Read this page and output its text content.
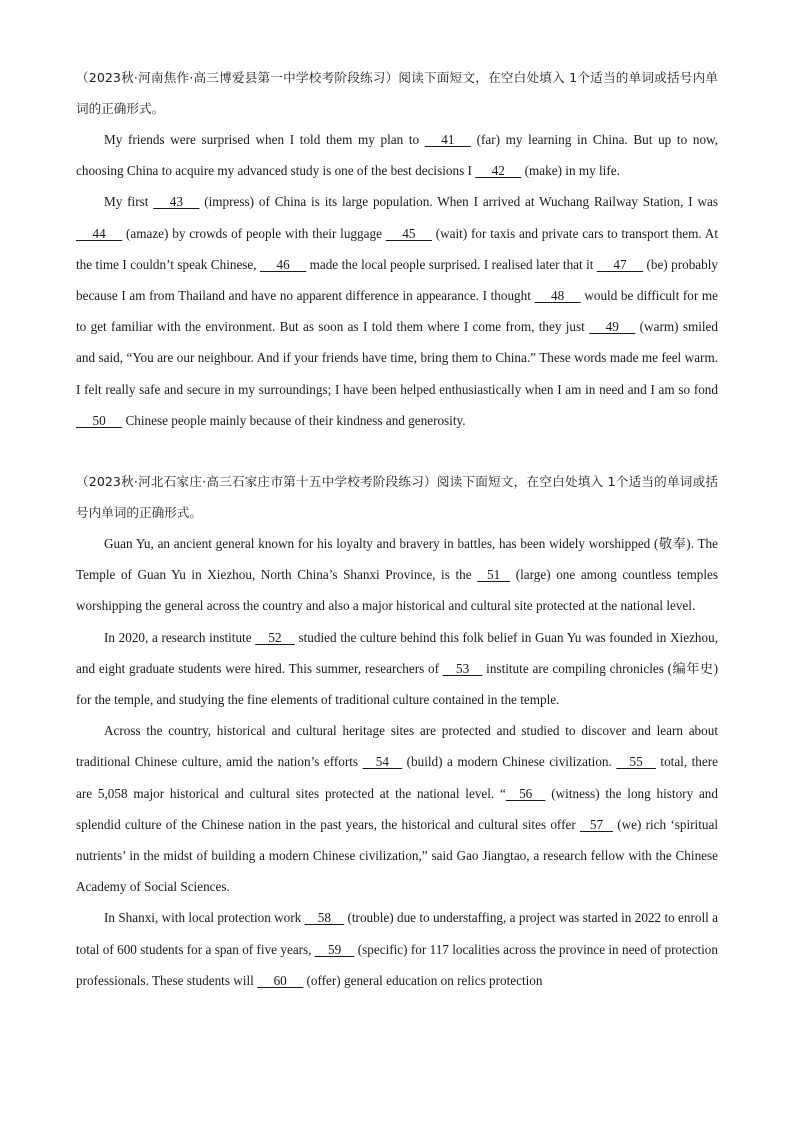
（2023秋·河南焦作·高三博爱县第一中学校考阶段练习）阅读下面短文，在空白处填入 1个适当的单词或括号内单词的正确形式。

My friends were surprised when I told them my plan to      41      (far) my learning in China. But up to now, choosing China to acquire my advanced study is one of the best decisions I      42      (make) in my life.

My first      43      (impress) of China is its large population. When I arrived at Wuchang Railway Station, I was      44      (amaze) by crowds of people with their luggage      45      (wait) for taxis and private cars to transport them. At the time I couldn’t speak Chinese,      46      made the local people surprised. I realised later that it      47      (be) probably because I am from Thailand and have no apparent difference in appearance. I thought      48      would be difficult for me to get familiar with the environment. But as soon as I told them where I come from, they just      49      (warm) smiled and said, “You are our neighbour. And if your friends have time, bring them to China.” These words made me feel warm. I felt really safe and secure in my surroundings; I have been helped enthusiastically when I am in need and I am so fond      50      Chinese people mainly because of their kindness and generosity.

（2023秋·河北石家庄·高三石家庄市第十五中学校考阶段练习）阅读下面短文，在空白处填入 1个适当的单词或括号内单词的正确形式。

Guan Yu, an ancient general known for his loyalty and bravery in battles, has been widely worshipped (敬奉). The Temple of Guan Yu in Xiezhou, North China’s Shanxi Province, is the    51    (large) one among countless temples worshipping the general across the country and also a major historical and cultural site protected at the national level.

In 2020, a research institute     52     studied the culture behind this folk belief in Guan Yu was founded in Xiezhou, and eight graduate students were hired. This summer, researchers of     53     institute are compiling chronicles (编年史) for the temple, and studying the fine elements of traditional culture contained in the temple.

Across the country, historical and cultural heritage sites are protected and studied to discover and learn about traditional Chinese culture, amid the nation’s efforts     54     (build) a modern Chinese civilization.     55     total, there are 5,058 major historical and cultural sites protected at the national level. “    56     (witness) the long history and splendid culture of the Chinese nation in the past years, the historical and cultural sites offer    57    (we) rich ‘spiritual nutrients’ in the midst of building a modern Chinese civilization,” said Gao Jiangtao, a research fellow with the Chinese Academy of Social Sciences.

In Shanxi, with local protection work     58     (trouble) due to understaffing, a project was started in 2022 to enroll a total of 600 students for a span of five years,     59     (specific) for 117 localities across the province in need of protection professionals. These students will      60      (offer) general education on relics protection
